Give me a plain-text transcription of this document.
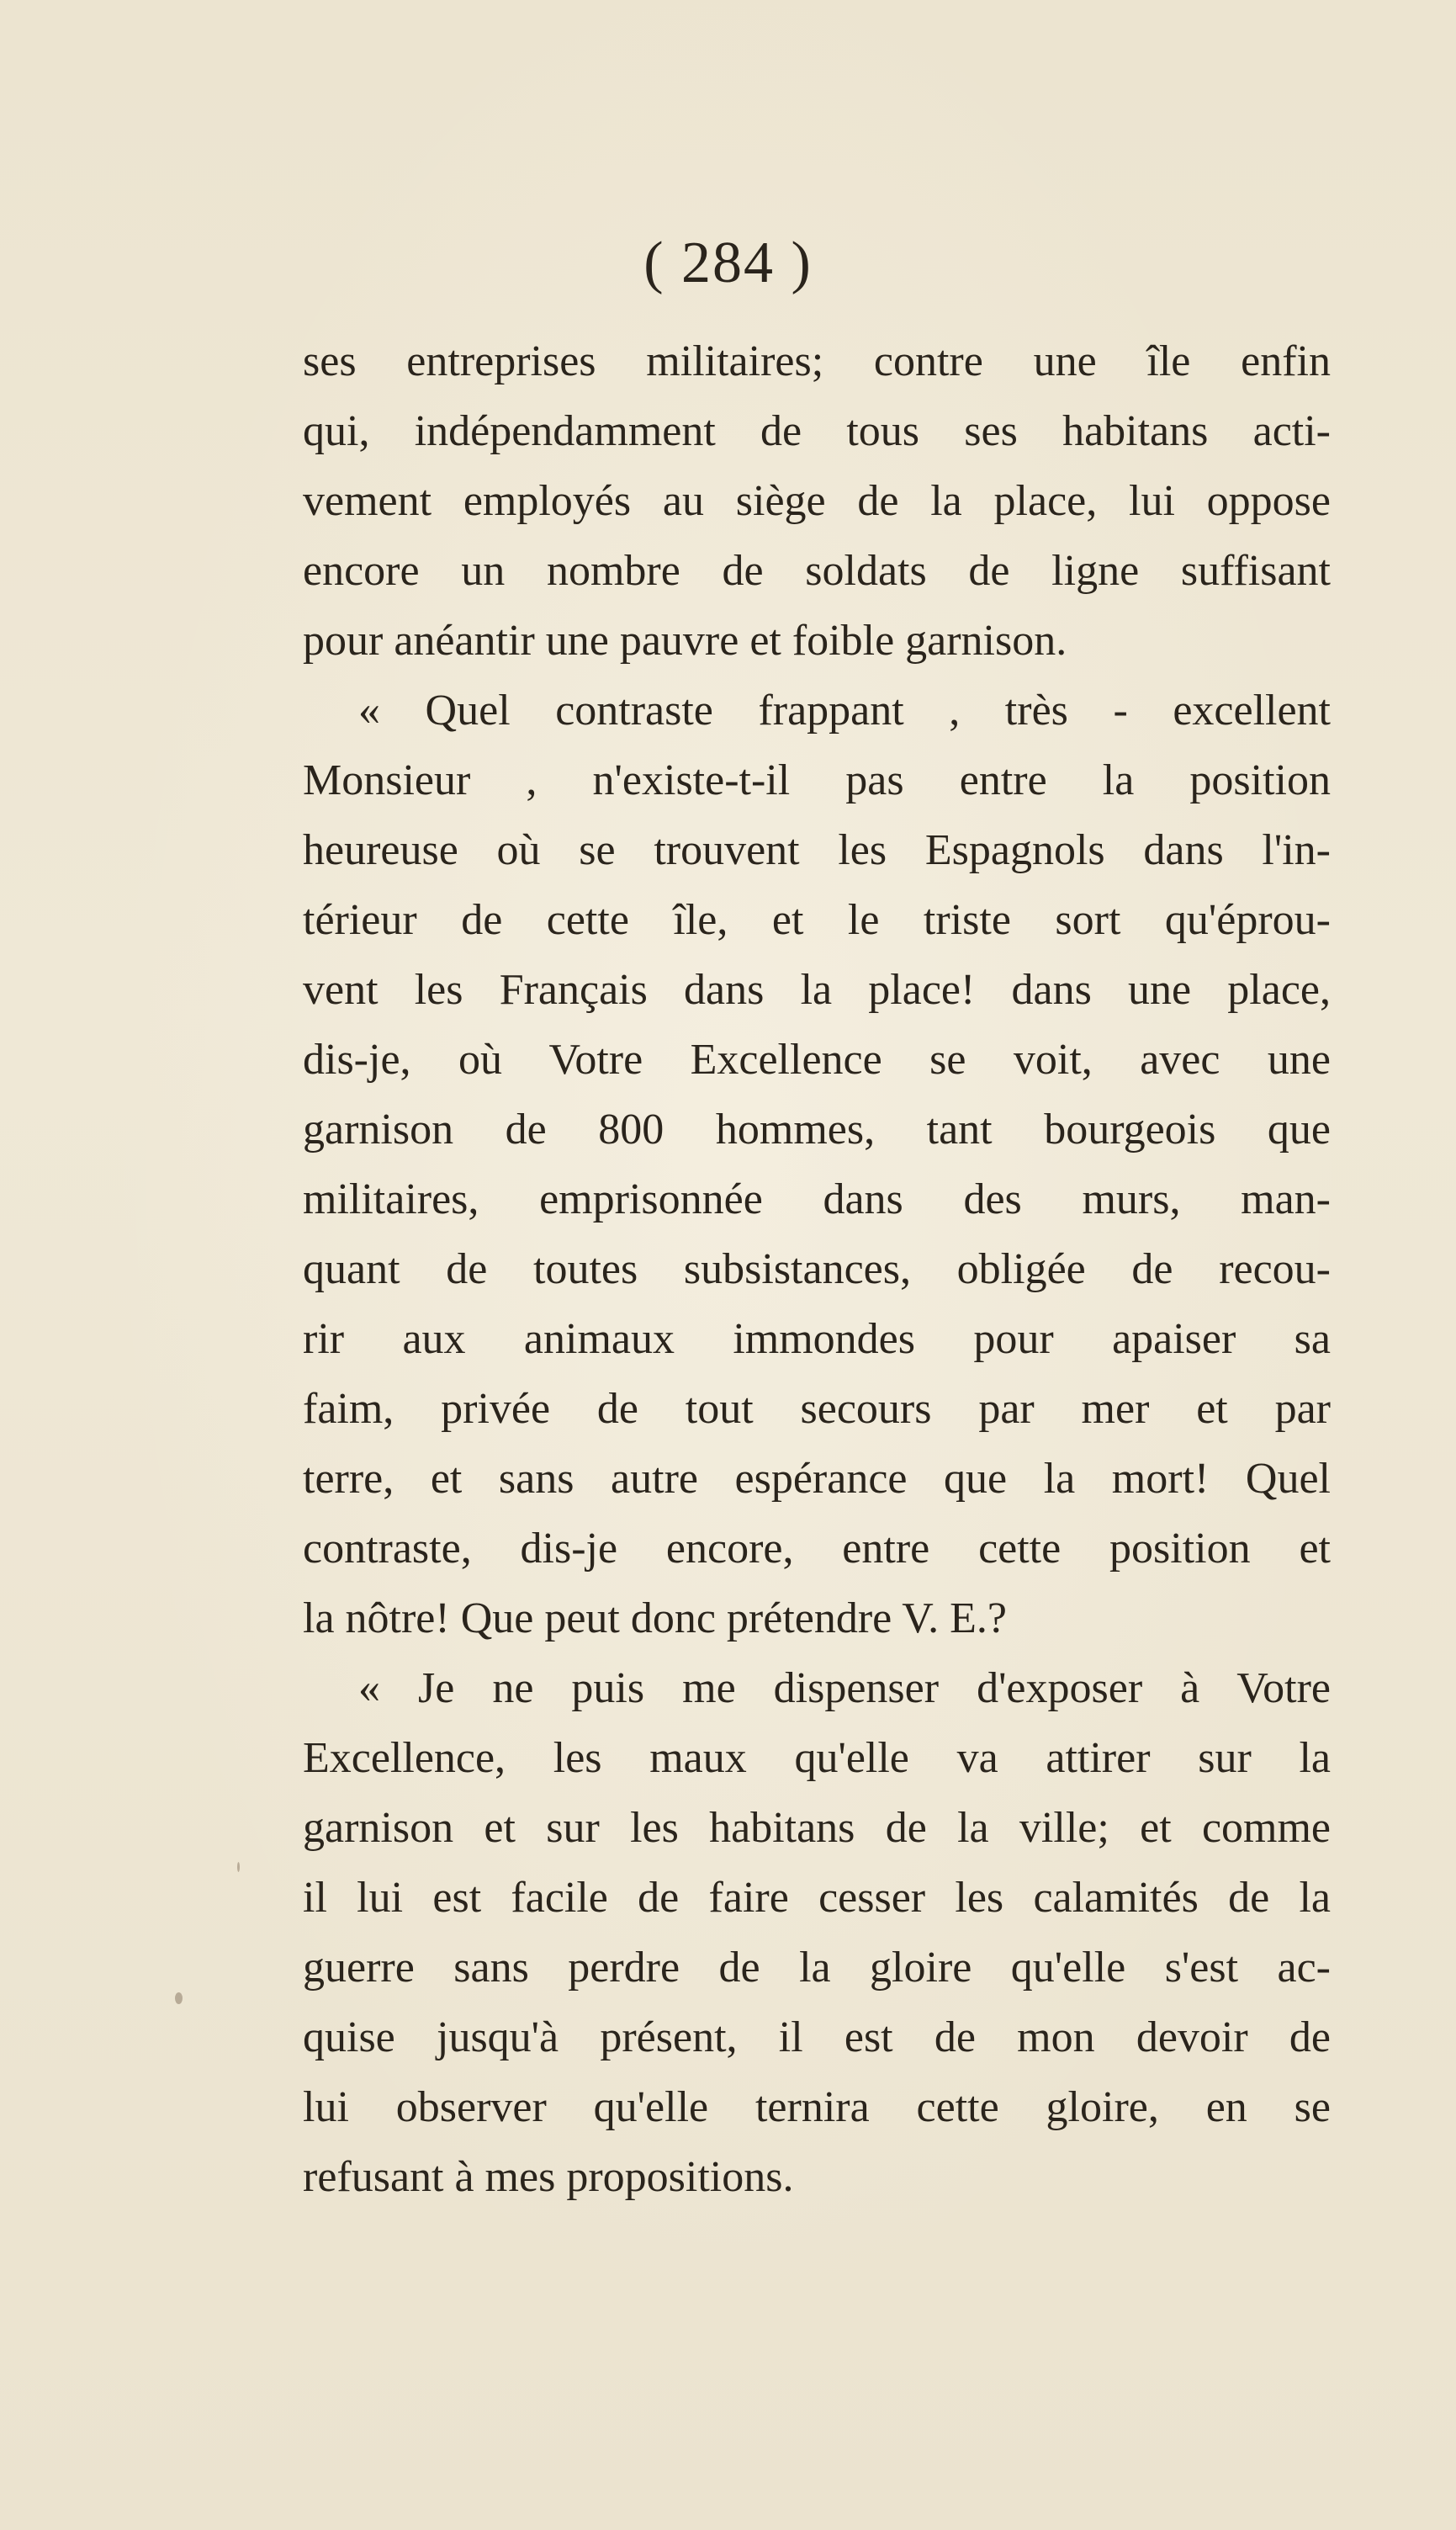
( 284 )
ses entreprises militaires; contre une île enfin
qui, indépendamment de tous ses habitans acti-
vement employés au siège de la place, lui oppose
encore un nombre de soldats de ligne suffisant
pour anéantir une pauvre et foible garnison.
« Quel contraste frappant , très - excellent
Monsieur , n'existe-t-il pas entre la position
heureuse où se trouvent les Espagnols dans l'in-
térieur de cette île, et le triste sort qu'éprou-
vent les Français dans la place! dans une place,
dis-je, où Votre Excellence se voit, avec une
garnison de 800 hommes, tant bourgeois que
militaires, emprisonnée dans des murs, man-
quant de toutes subsistances, obligée de recou-
rir aux animaux immondes pour apaiser sa
faim, privée de tout secours par mer et par
terre, et sans autre espérance que la mort! Quel
contraste, dis-je encore, entre cette position et
la nôtre! Que peut donc prétendre V. E.?
« Je ne puis me dispenser d'exposer à Votre
Excellence, les maux qu'elle va attirer sur la
garnison et sur les habitans de la ville; et comme
il lui est facile de faire cesser les calamités de la
guerre sans perdre de la gloire qu'elle s'est ac-
quise jusqu'à présent, il est de mon devoir de
lui observer qu'elle ternira cette gloire, en se
refusant à mes propositions.
